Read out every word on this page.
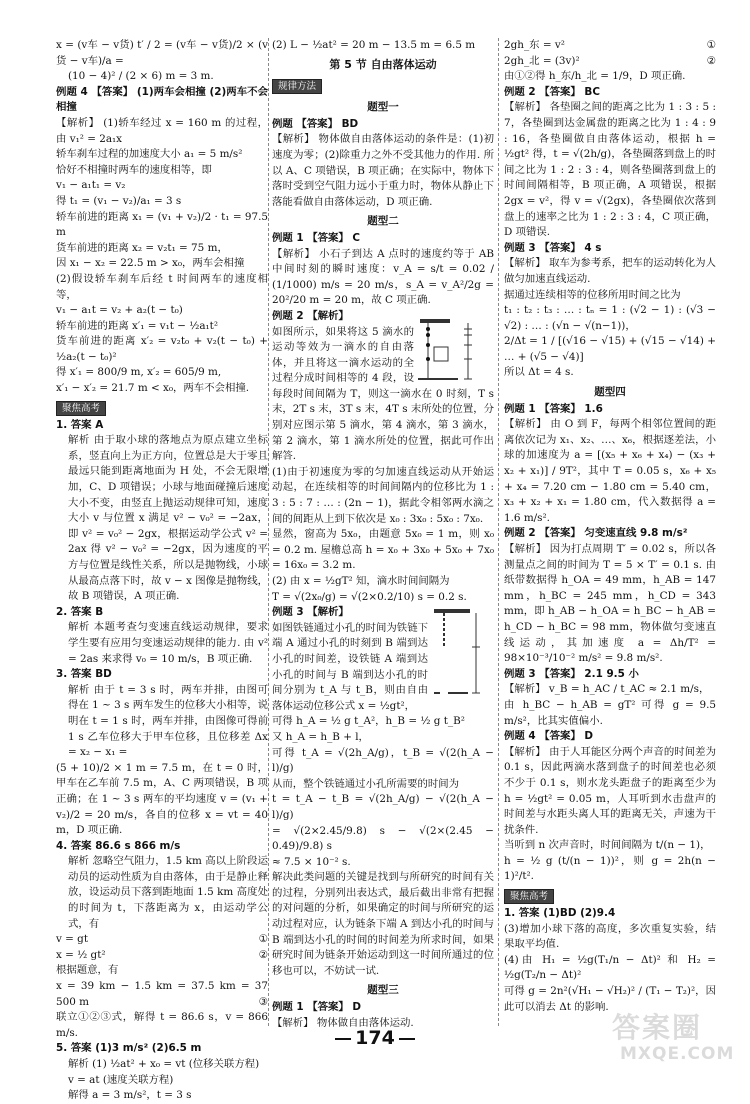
x = (v车 − v货) t′ / 2 = (v车 − v货)/2 × (v货 − v车)/a =

(10 − 4)² / (2 × 6) m = 3 m.

例题 4 【答案】 (1)两车会相撞 (2)两车不会相撞

【解析】 (1)轿车经过 x = 160 m 的过程，由 v₁² = 2a₁x

轿车刹车过程的加速度大小 a₁ = 5 m/s²

恰好不相撞时两车的速度相等，即

v₁ − a₁t₁ = v₂

得 t₁ = (v₁ − v₂)/a₁ = 3 s

轿车前进的距离 x₁ = (v₁ + v₂)/2 · t₁ = 97.5 m

货车前进的距离 x₂ = v₂t₁ = 75 m，

因 x₁ − x₂ = 22.5 m > x₀，两车会相撞

(2)假设轿车刹车后经 t 时间两车的速度相等，

v₁ − a₁t = v₂ + a₂(t − t₀)

轿车前进的距离 x′₁ = v₁t − ½a₁t²

货车前进的距离 x′₂ = v₂t₀ + v₂(t − t₀) + ½a₂(t − t₀)²

得 x′₁ = 800/9 m, x′₂ = 605/9 m,

x′₁ − x′₂ = 21.7 m < x₀，两车不会相撞.

聚焦高考

1. 答案 A

解析 由于取小球的落地点为原点建立坐标系，竖直向上为正方向，位置总是大于零且最远只能到距离地面为 H 处，不会无限增加，C、D 项错误；小球与地面碰撞后速度大小不变，由竖直上抛运动规律可知，速度大小 v 与位置 x 满足 v² − v₀² = −2ax，即 v² = v₀² − 2gx，根据运动学公式 v² = 2ax 得 v² − v₀² = −2gx，因为速度的平方与位置是线性关系，所以是抛物线，小球从最高点落下时，故 v − x 图像是抛物线，故 B 项错误，A 项正确.

2. 答案 B

解析 本题考查匀变速直线运动规律，要求学生要有应用匀变速运动规律的能力. 由 v² = 2as 来求得 v₀ = 10 m/s，B 项正确.

3. 答案 BD

解析 由于 t = 3 s 时，两车并排，由图可得在 1 ~ 3 s 两车发生的位移大小相等，说明在 t = 1 s 时，两车并排，由图像可得前 1 s 乙车位移大于甲车位移，且位移差 Δx = x₂ − x₁ =

(5 + 10)/2 × 1 m = 7.5 m，在 t = 0 时，甲车在乙车前 7.5 m，A、C 两项错误，B 项正确；在 1 ~ 3 s 两车的平均速度 v = (v₁ + v₂)/2 = 20 m/s，各自的位移 x = vt = 40 m，D 项正确.

4. 答案 86.6 s 866 m/s

解析 忽略空气阻力，1.5 km 高以上阶段运动员的运动性质为自由落体，由于是静止释放，设运动员下落到距地面 1.5 km 高度处的时间为 t，下落距离为 x，由运动学公式，有

v = gt	①

x = ½ gt²	②

根据题意，有

x = 39 km − 1.5 km = 37.5 km = 37 500 m	③

联立①②③式，解得 t = 86.6 s，v = 866 m/s.

5. 答案 (1)3 m/s² (2)6.5 m

解析 (1) ½at² + x₀ = vt (位移关联方程)

v = at (速度关联方程)

解得 a = 3 m/s²，t = 3 s

(2) L − ½at² = 20 m − 13.5 m = 6.5 m

第 5 节 自由落体运动

规律方法

题型一

例题 【答案】 BD

【解析】 物体做自由落体运动的条件是：(1)初速度为零；(2)除重力之外不受其他力的作用. 所以 A、C 项错误，B 项正确；在实际中，物体下落时受到空气阻力远小于重力时，物体从静止下落能看做自由落体运动，D 项正确.

题型二

例题 1 【答案】 C

【解析】 小石子到达 A 点时的速度约等于 AB 中间时刻的瞬时速度：v_A = s/t = 0.02 / (1/1000) m/s = 20 m/s，s_A = v_A²/2g = 20²/20 m = 20 m，故 C 项正确.

例题 2 【解析】

如图所示，如果将这 5 滴水的运动等效为一滴水的自由落体，并且将这一滴水运动的全过程分成时间相等的 4 段，设每段时间间隔为 T，则这一滴水在 0 时刻，T s 末，2T s 末，3T s 末，4T s 末所处的位置，分别对应图示第 5 滴水，第 4 滴水，第 3 滴水，第 2 滴水，第 1 滴水所处的位置，据此可作出解答.

(1)由于初速度为零的匀加速直线运动从开始运动起，在连续相等的时间间隔内的位移比为 1 : 3 : 5 : 7 : … : (2n − 1)，据此令相邻两水滴之间的间距从上到下依次是 x₀ : 3x₀ : 5x₀ : 7x₀.

显然，窗高为 5x₀，由题意 5x₀ = 1 m，则 x₀ = 0.2 m. 屋檐总高 h = x₀ + 3x₀ + 5x₀ + 7x₀ = 16x₀ = 3.2 m.

(2) 由 x = ½gT² 知，滴水时间间隔为

T = √(2x₀/g) = √(2×0.2/10) s = 0.2 s.

例题 3 【解析】

如图铁链通过小孔的时间为铁链下端 A 通过小孔的时刻到 B 端到达小孔的时间差，设铁链 A 端到达小孔的时间与 B 端到达小孔的时间分别为 t_A 与 t_B，则由自由落体运动位移公式 x = ½gt²，

可得 h_A = ½ g t_A²，h_B = ½ g t_B²

又 h_A = h_B + l，

可得 t_A = √(2h_A/g)，t_B = √(2(h_A − l)/g)

从而，整个铁链通过小孔所需要的时间为

t = t_A − t_B = √(2h_A/g) − √(2(h_A − l)/g)

= √(2×2.45/9.8) s − √(2×(2.45 − 0.49)/9.8) s

≈ 7.5 × 10⁻² s.

解决此类问题的关键是找到与所研究的时间有关的过程，分别列出表达式，最后截出非常有把握的对问题的分析，如果确定的时间与所研究的运动过程对应，认为链条下端 A 到达小孔的时间与 B 端到达小孔的时间的时间差为所求时间，如果研究时间为链条开始运动到这一时间所通过的位移也可以，不妨试一试.

题型三

例题 1 【答案】 D

【解析】 物体做自由落体运动.

2gh_东 = v²	①

2gh_北 = (3v)²	②

由①②得 h_东/h_北 = 1/9，D 项正确.

例题 2 【答案】 BC

【解析】 各垫圈之间的距离之比为 1 : 3 : 5 : 7，各垫圈到达金属盘的距离之比为 1 : 4 : 9 : 16，各垫圈做自由落体运动，根据 h = ½gt² 得，t = √(2h/g)，各垫圈落到盘上的时间之比为 1 : 2 : 3 : 4，则各垫圈落到盘上的时间间隔相等，B 项正确，A 项错误，根据 2gx = v²，得 v = √(2gx)，各垫圈依次落到盘上的速率之比为 1 : 2 : 3 : 4，C 项正确，D 项错误.

例题 3 【答案】 4 s

【解析】 取车为参考系，把车的运动转化为人做匀加速直线运动.

据通过连续相等的位移所用时间之比为

t₁ : t₂ : t₃ : … : tₙ = 1 : (√2 − 1) : (√3 − √2) : … : (√n − √(n−1))，

2/Δt = 1 / [(√16 − √15) + (√15 − √14) + … + (√5 − √4)]

所以 Δt = 4 s.

题型四

例题 1 【答案】 1.6

【解析】 由 O 到 F，每两个相邻位置间的距离依次记为 x₁、x₂、…、x₆，根据逐差法，小球的加速度为 a = [(x₅ + x₆ + x₄) − (x₃ + x₂ + x₁)] / 9T²，其中 T = 0.05 s，x₆ + x₅ + x₄ = 7.20 cm − 1.80 cm = 5.40 cm，x₃ + x₂ + x₁ = 1.80 cm，代入数据得 a = 1.6 m/s².

例题 2 【答案】 匀变速直线 9.8 m/s²

【解析】 因为打点周期 T′ = 0.02 s，所以各测量点之间的时间为 T = 5 × T′ = 0.1 s. 由纸带数据得 h_OA = 49 mm，h_AB = 147 mm，h_BC = 245 mm，h_CD = 343 mm，即 h_AB − h_OA = h_BC − h_AB = h_CD − h_BC = 98 mm，物体做匀变速直线运动，其加速度 a = Δh/T² = 98×10⁻³/10⁻² m/s² = 9.8 m/s².

例题 3 【答案】 2.1 9.5 小

【解析】 v_B = h_AC / t_AC ≈ 2.1 m/s，

由 h_BC − h_AB = gT² 可得 g = 9.5 m/s²，比其实值偏小.

例题 4 【答案】 D

【解析】 由于人耳能区分两个声音的时间差为 0.1 s，因此两滴水落到盘子的时间差也必须不少于 0.1 s，则水龙头距盘子的距离至少为 h = ½gt² = 0.05 m，人耳听到水击盘声的时间差与水距头离人耳的距离无关，声速为干扰条件.

当听到 n 次声音时，时间间隔为 t/(n − 1)，

h = ½ g (t/(n − 1))²，则 g = 2h(n − 1)²/t².

聚焦高考

1. 答案 (1)BD (2)9.4

(3)增加小球下落的高度，多次重复实验，结果取平均值.

(4)由 H₁ = ½g(T₁/n − Δt)² 和 H₂ = ½g(T₂/n − Δt)²

可得 g = 2n²(√H₁ − √H₂)² / (T₁ − T₂)²，因此可以消去 Δt 的影响.

174	答案圈
MXQE.COM
